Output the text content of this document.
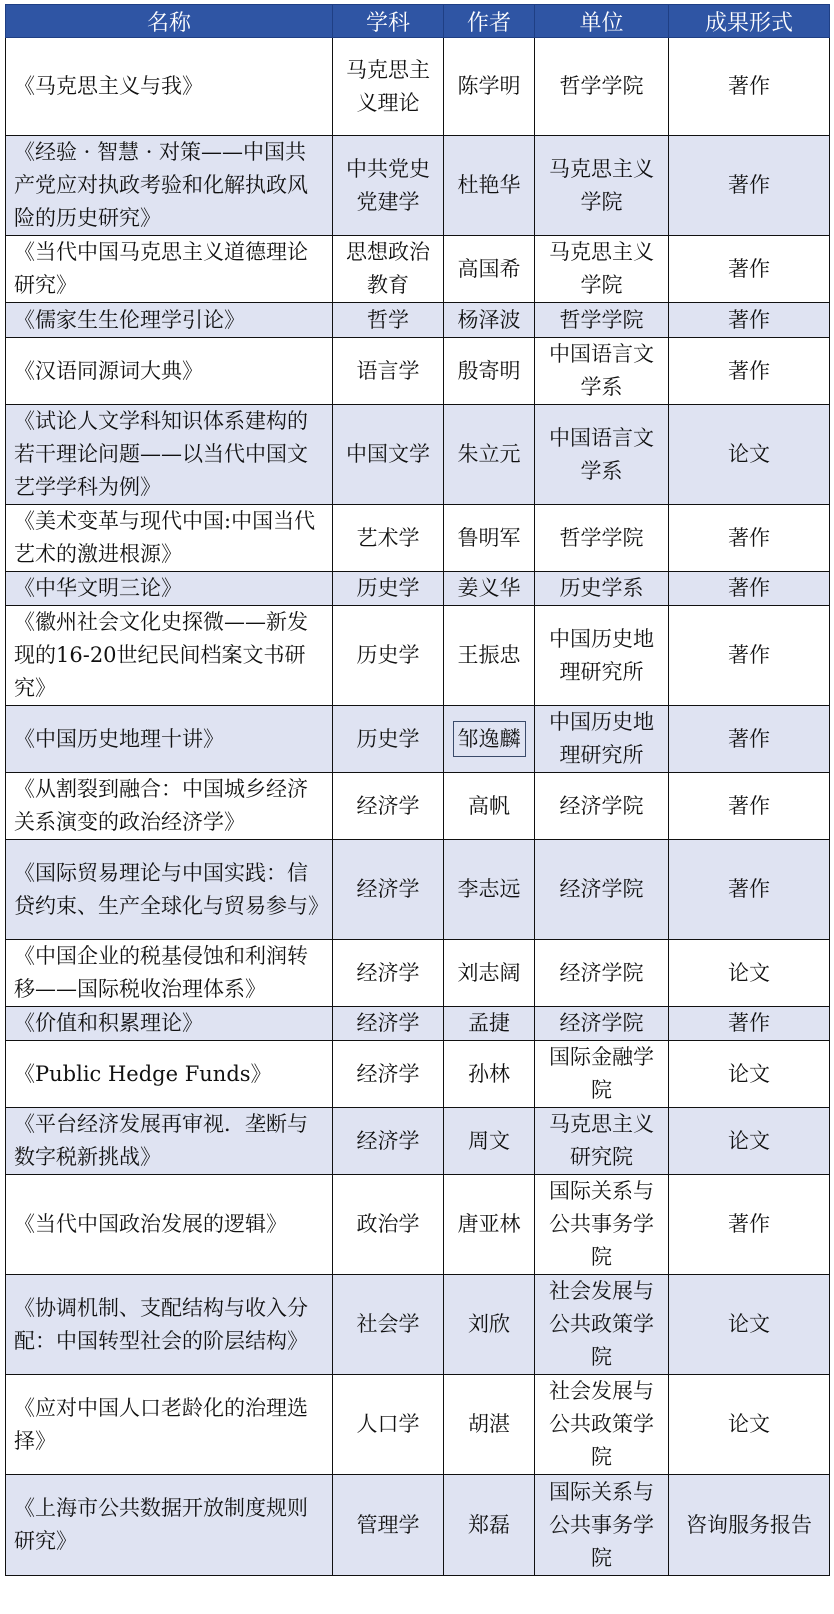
名称	学科	作者	单位	成果形式
《马克思主义与我》	马克思主义理论	陈学明	哲学学院	著作
《经验 · 智慧 · 对策——中国共产党应对执政考验和化解执政风险的历史研究》	中共党史党建学	杜艳华	马克思主义学院	著作
《当代中国马克思主义道德理论研究》	思想政治教育	高国希	马克思主义学院	著作
《儒家生生伦理学引论》	哲学	杨泽波	哲学学院	著作
《汉语同源词大典》	语言学	殷寄明	中国语言文学系	著作
《试论人文学科知识体系建构的若干理论问题——以当代中国文艺学学科为例》	中国文学	朱立元	中国语言文学系	论文
《美术变革与现代中国:中国当代艺术的激进根源》	艺术学	鲁明军	哲学学院	著作
《中华文明三论》	历史学	姜义华	历史学系	著作
《徽州社会文化史探微——新发现的16-20世纪民间档案文书研究》	历史学	王振忠	中国历史地理研究所	著作
《中国历史地理十讲》	历史学	邹逸麟	中国历史地理研究所	著作
《从割裂到融合：中国城乡经济关系演变的政治经济学》	经济学	高帆	经济学院	著作
《国际贸易理论与中国实践：信贷约束、生产全球化与贸易参与》	经济学	李志远	经济学院	著作
《中国企业的税基侵蚀和利润转移——国际税收治理体系》	经济学	刘志阔	经济学院	论文
《价值和积累理论》	经济学	孟捷	经济学院	著作
《Public Hedge Funds》	经济学	孙林	国际金融学院	论文
《平台经济发展再审视．垄断与数字税新挑战》	经济学	周文	马克思主义研究院	论文
《当代中国政治发展的逻辑》	政治学	唐亚林	国际关系与公共事务学院	著作
《协调机制、支配结构与收入分配：中国转型社会的阶层结构》	社会学	刘欣	社会发展与公共政策学院	论文
《应对中国人口老龄化的治理选择》	人口学	胡湛	社会发展与公共政策学院	论文
《上海市公共数据开放制度规则研究》	管理学	郑磊	国际关系与公共事务学院	咨询服务报告
